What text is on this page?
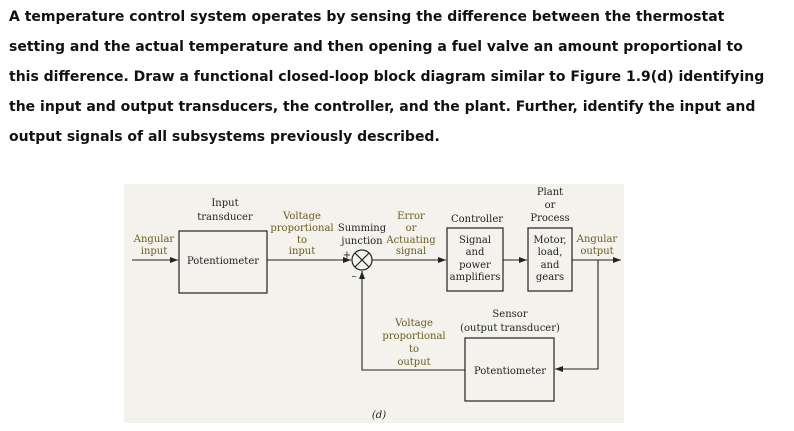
A temperature control system operates by sensing the difference between the thermostat
setting and the actual temperature and then opening a fuel valve an amount proportional to
this difference. Draw a functional closed-loop block diagram similar to Figure 1.9(d) identifying
the input and output transducers, the controller, and the plant. Further, identify the input and
output signals of all subsystems previously described.
Potentiometer
Signal
and
power
amplifiers
Motor,
load,
and
gears
Potentiometer
Input
transducer
Angular
input
Voltage
proportional
to
input
Summing
junction
+
–
Error
or
Actuating
signal
Controller
Plant
or
Process
Angular
output
Sensor
(output transducer)
Voltage
proportional
to
output
(d)
